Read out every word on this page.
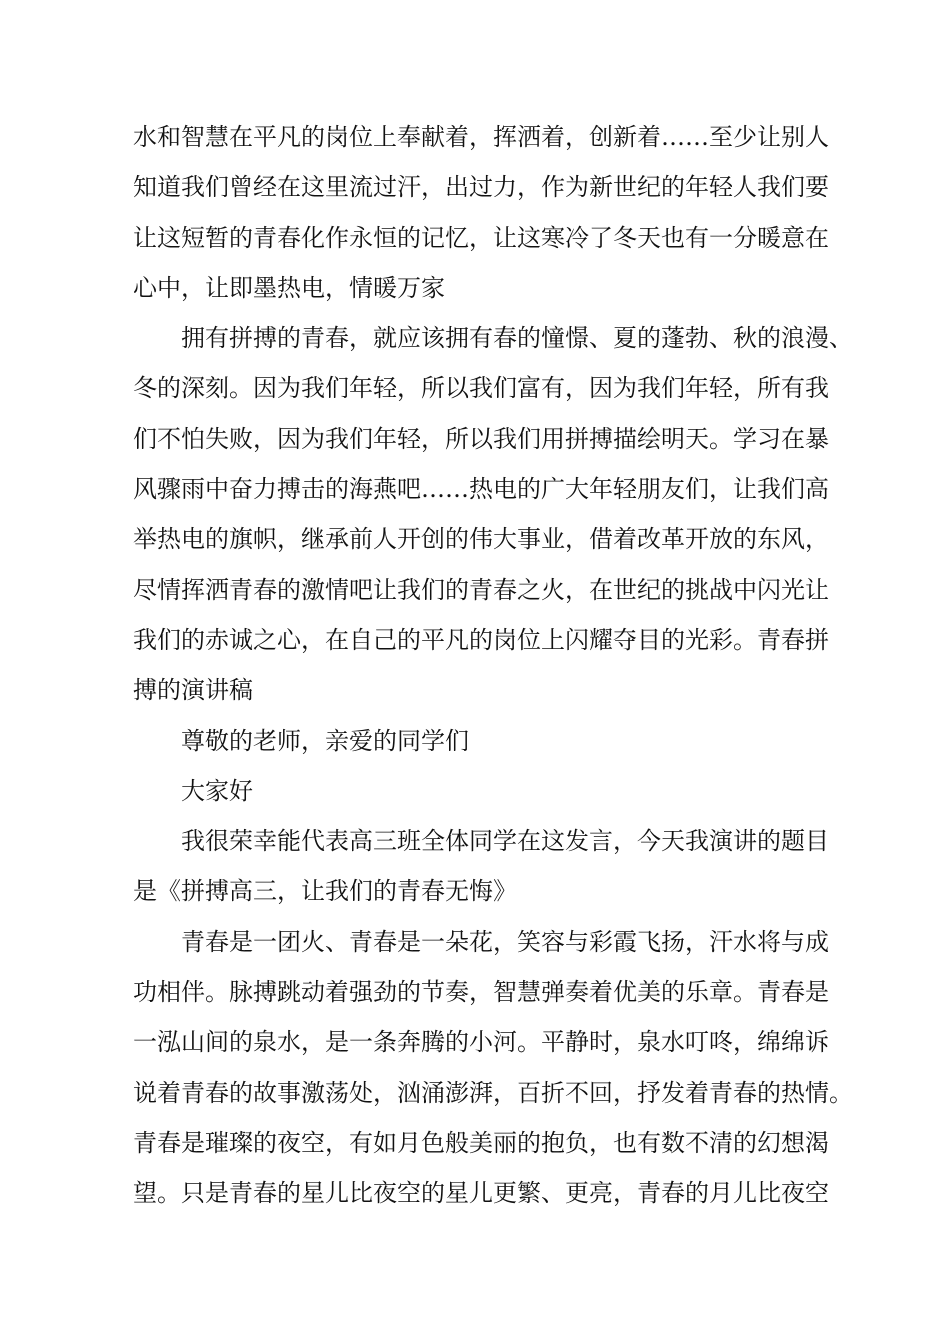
水和智慧在平凡的岗位上奉献着，挥洒着，创新着……至少让别人
知道我们曾经在这里流过汗，出过力，作为新世纪的年轻人我们要
让这短暂的青春化作永恒的记忆，让这寒冷了冬天也有一分暖意在
心中，让即墨热电，情暖万家
拥有拼搏的青春，就应该拥有春的憧憬、夏的蓬勃、秋的浪漫、
冬的深刻。因为我们年轻，所以我们富有，因为我们年轻，所有我
们不怕失败，因为我们年轻，所以我们用拼搏描绘明天。学习在暴
风骤雨中奋力搏击的海燕吧……热电的广大年轻朋友们，让我们高
举热电的旗帜，继承前人开创的伟大事业，借着改革开放的东风，
尽情挥洒青春的激情吧让我们的青春之火，在世纪的挑战中闪光让
我们的赤诚之心，在自己的平凡的岗位上闪耀夺目的光彩。青春拼
搏的演讲稿
尊敬的老师，亲爱的同学们
大家好
我很荣幸能代表高三班全体同学在这发言，今天我演讲的题目
是《拼搏高三，让我们的青春无悔》
青春是一团火、青春是一朵花，笑容与彩霞飞扬，汗水将与成
功相伴。脉搏跳动着强劲的节奏，智慧弹奏着优美的乐章。青春是
一泓山间的泉水，是一条奔腾的小河。平静时，泉水叮咚，绵绵诉
说着青春的故事激荡处，汹涌澎湃，百折不回，抒发着青春的热情。
青春是璀璨的夜空，有如月色般美丽的抱负，也有数不清的幻想渴
望。只是青春的星儿比夜空的星儿更繁、更亮，青春的月儿比夜空
